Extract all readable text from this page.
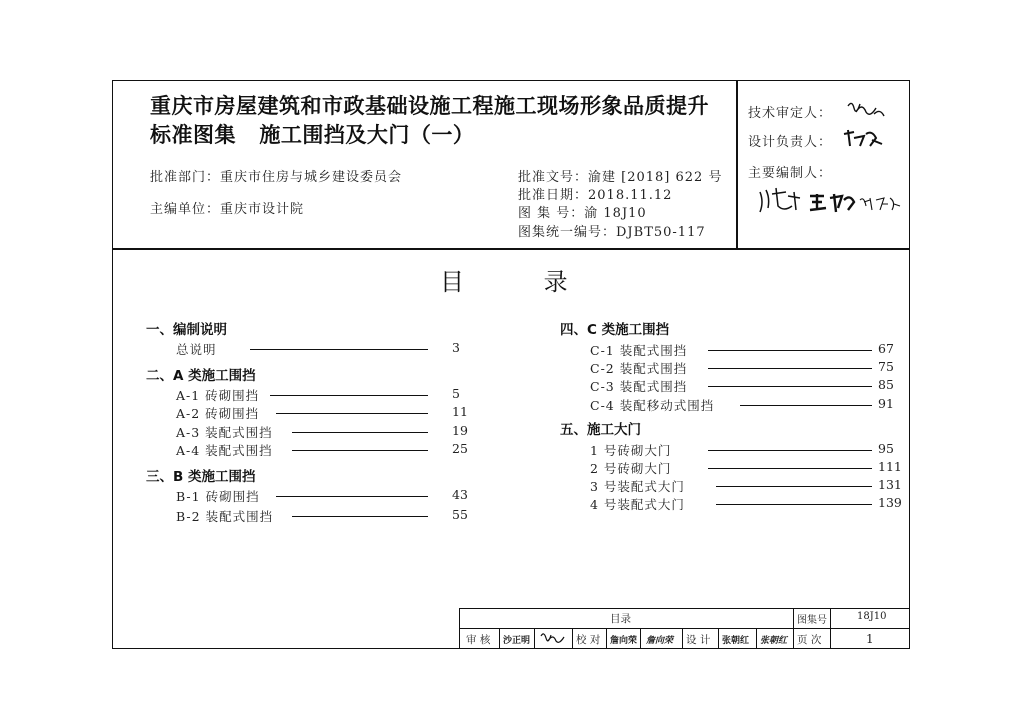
重庆市房屋建筑和市政基础设施工程施工现场形象品质提升
标准图集   施工围挡及大门（一）
批准部门：重庆市住房与城乡建设委员会
主编单位：重庆市设计院
批准文号：渝建 [2018] 622 号
批准日期：2018.11.12
图 集 号：渝 18J10
图集统一编号：DJBT50-117
技术审定人：
设计负责人：
主要编制人：
目	录
一、编制说明
总说明	3
二、A 类施工围挡
A-1 砖砌围挡	5
A-2 砖砌围挡	11
A-3 装配式围挡	19
A-4 装配式围挡	25
三、B 类施工围挡
B-1 砖砌围挡	43
B-2 装配式围挡	55
四、C 类施工围挡
C-1 装配式围挡	67
C-2 装配式围挡	75
C-3 装配式围挡	85
C-4 装配移动式围挡	91
五、施工大门
1 号砖砌大门	95
2 号砖砌大门	111
3 号装配式大门	131
4 号装配式大门	139
目录	图集号	18J10
审 核 沙正明	校 对 詹向荣 詹向荣 设 计 张朝红 张朝红 页 次	1
